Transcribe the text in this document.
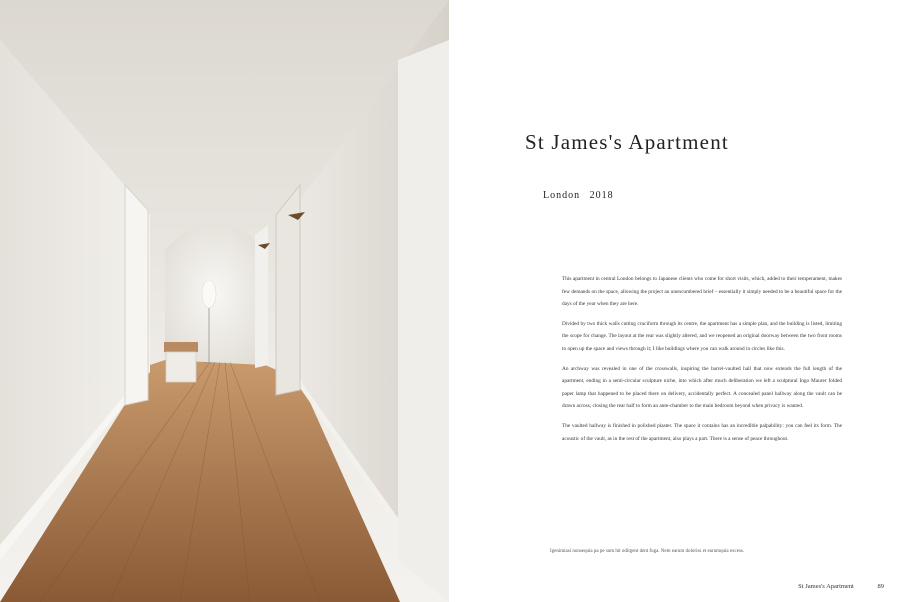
St James's Apartment
London 2018

This apartment in central London belongs to Japanese clients who come for short visits, which, added to their temperament, makes few demands on the space, allowing the project an unencumbered brief – essentially it simply needed to be a beautiful space for the days of the year when they are here.

Divided by two thick walls cutting cruciform through its centre, the apartment has a simple plan, and the building is listed, limiting the scope for change. The layout at the rear was slightly altered, and we reopened an original doorway between the two front rooms to open up the space and views through it; I like buildings where you can walk around in circles like this.

An archway was revealed in one of the crosswalls, inspiring the barrel-vaulted hall that now extends the full length of the apartment, ending in a semi-circular sculpture niche, into which after much deliberation we left a sculptural Ingo Maurer folded paper lamp that happened to be placed there on delivery, accidentally perfect. A concealed panel hallway along the vault can be drawn across, closing the rear half to form an ante-chamber to the main bedroom beyond when privacy is wanted.

The vaulted hallway is finished in polished plaster. The space it contains has an incredible palpability: you can feel its form. The acoustic of the vault, as in the rest of the apartment, also plays a part. There is a sense of peace throughout.

Igenimiasi nonsequia pa pe sum hit oditgent dent fuga. Nem earum doloriss et earumquia excess.
St James's Apartment	89
